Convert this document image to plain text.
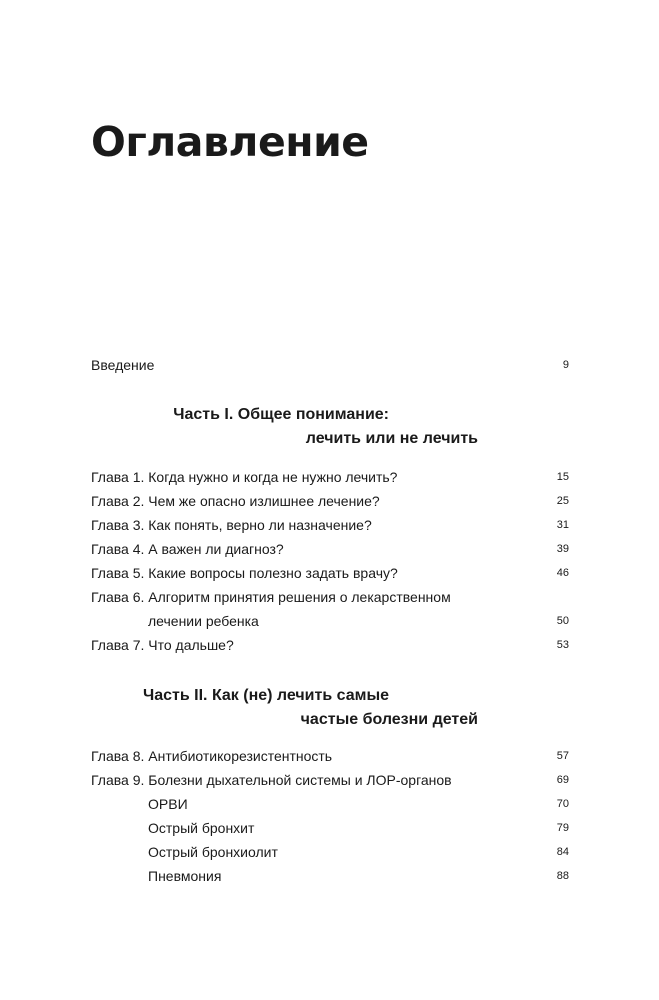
Оглавление
Введение	9
Часть I. Общее понимание:
лечить или не лечить
Глава 1. Когда нужно и когда не нужно лечить?	15
Глава 2. Чем же опасно излишнее лечение?	25
Глава 3. Как понять, верно ли назначение?	31
Глава 4. А важен ли диагноз?	39
Глава 5. Какие вопросы полезно задать врачу?	46
Глава 6. Алгоритм принятия решения о лекарственном
лечении ребенка	50
Глава 7. Что дальше?	53
Часть II. Как (не) лечить самые
частые болезни детей
Глава 8. Антибиотикорезистентность	57
Глава 9. Болезни дыхательной системы и ЛОР-органов	69
ОРВИ	70
Острый бронхит	79
Острый бронхиолит	84
Пневмония	88
